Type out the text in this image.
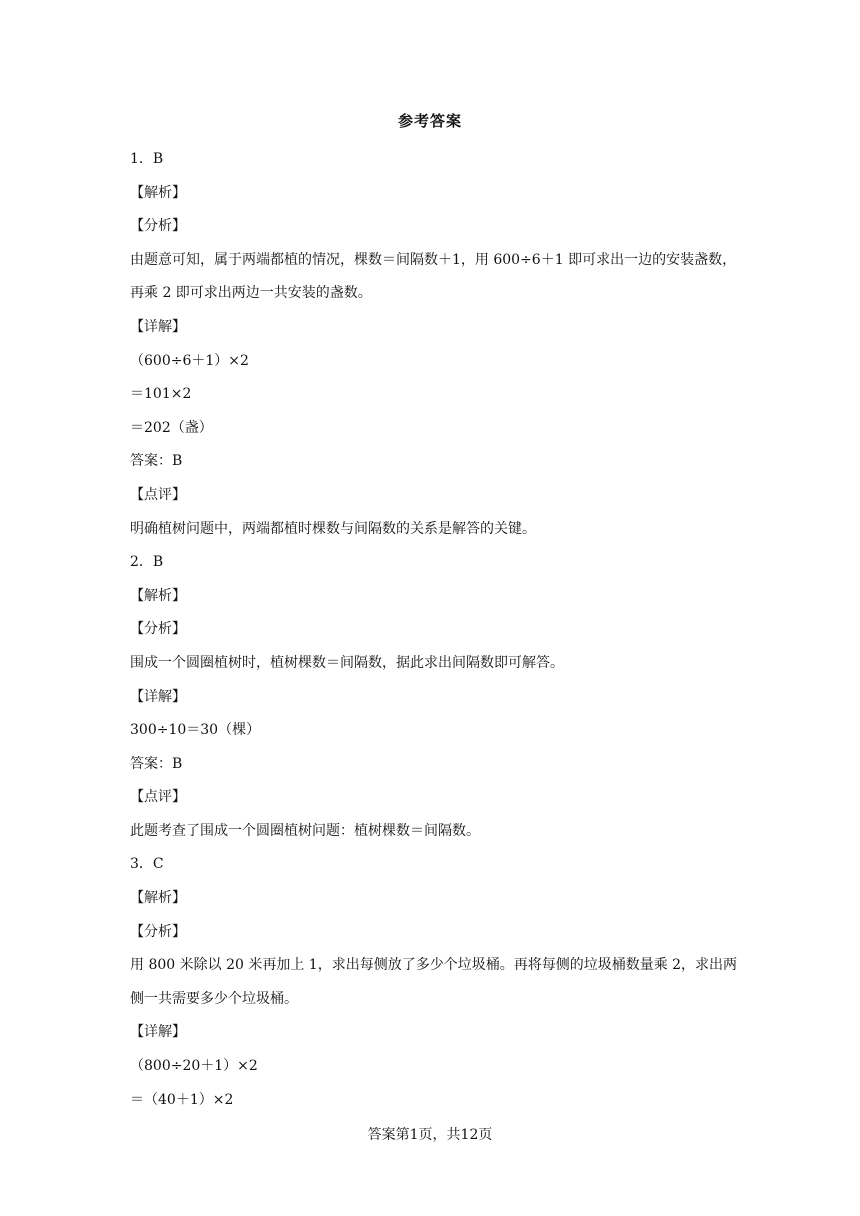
参考答案
1．B
【解析】
【分析】
由题意可知，属于两端都植的情况，棵数＝间隔数＋1，用 600÷6＋1 即可求出一边的安装盏数，再乘 2 即可求出两边一共安装的盏数。
【详解】
（600÷6＋1）×2
＝101×2
＝202（盏）
答案：B
【点评】
明确植树问题中，两端都植时棵数与间隔数的关系是解答的关键。
2．B
【解析】
【分析】
围成一个圆圈植树时，植树棵数＝间隔数，据此求出间隔数即可解答。
【详解】
300÷10＝30（棵）
答案：B
【点评】
此题考查了围成一个圆圈植树问题：植树棵数＝间隔数。
3．C
【解析】
【分析】
用 800 米除以 20 米再加上 1，求出每侧放了多少个垃圾桶。再将每侧的垃圾桶数量乘 2，求出两侧一共需要多少个垃圾桶。
【详解】
（800÷20＋1）×2
＝（40＋1）×2
答案第1页，共12页
